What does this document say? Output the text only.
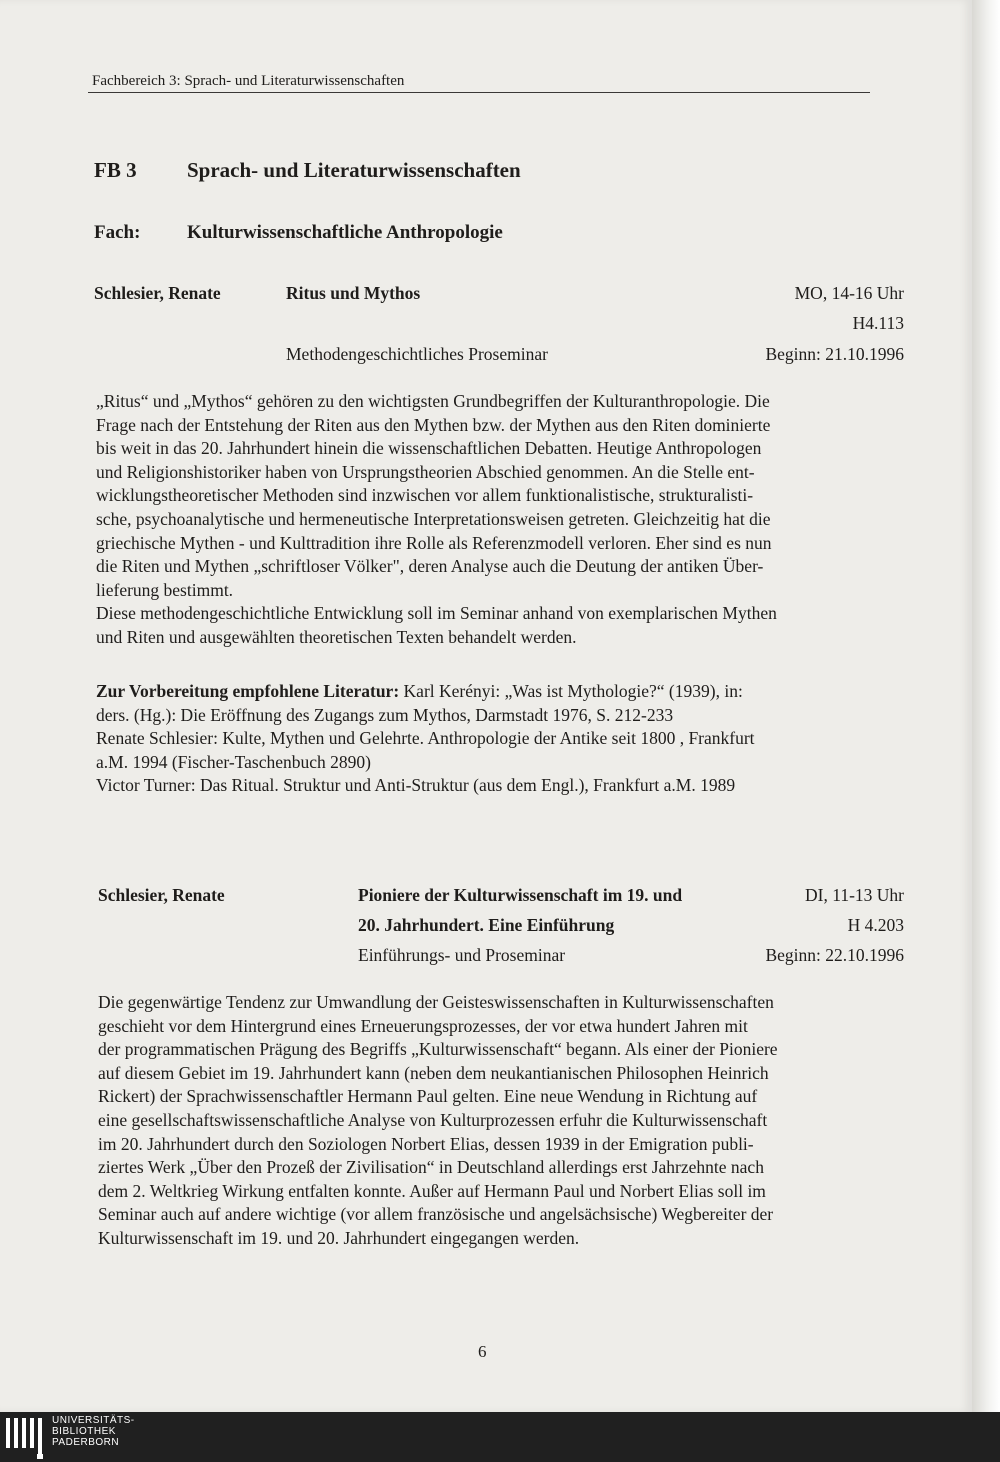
Fachbereich 3: Sprach- und Literaturwissenschaften
FB 3 Sprach- und Literaturwissenschaften
Fach: Kulturwissenschaftliche Anthropologie
Schlesier, Renate	Ritus und Mythos
Methodengeschichtliches Proseminar
MO, 14-16 Uhr
H4.113
Beginn: 21.10.1996
„Ritus“ und „Mythos“ gehören zu den wichtigsten Grundbegriffen der Kulturanthropologie. Die
Frage nach der Entstehung der Riten aus den Mythen bzw. der Mythen aus den Riten dominierte
bis weit in das 20. Jahrhundert hinein die wissenschaftlichen Debatten. Heutige Anthropologen
und Religionshistoriker haben von Ursprungstheorien Abschied genommen. An die Stelle ent-
wicklungstheoretischer Methoden sind inzwischen vor allem funktionalistische, strukturalisti-
sche, psychoanalytische und hermeneutische Interpretationsweisen getreten. Gleichzeitig hat die
griechische Mythen - und Kulttradition ihre Rolle als Referenzmodell verloren. Eher sind es nun
die Riten und Mythen „schriftloser Völker", deren Analyse auch die Deutung der antiken Über-
lieferung bestimmt.
Diese methodengeschichtliche Entwicklung soll im Seminar anhand von exemplarischen Mythen
und Riten und ausgewählten theoretischen Texten behandelt werden.
Zur Vorbereitung empfohlene Literatur: Karl Kerényi: „Was ist Mythologie?“ (1939), in:
ders. (Hg.): Die Eröffnung des Zugangs zum Mythos, Darmstadt 1976, S. 212-233
Renate Schlesier: Kulte, Mythen und Gelehrte. Anthropologie der Antike seit 1800 , Frankfurt
a.M. 1994 (Fischer-Taschenbuch 2890)
Victor Turner: Das Ritual. Struktur und Anti-Struktur (aus dem Engl.), Frankfurt a.M. 1989
Schlesier, Renate	Pioniere der Kulturwissenschaft im 19. und
20. Jahrhundert. Eine Einführung
Einführungs- und Proseminar
DI, 11-13 Uhr
H 4.203
Beginn: 22.10.1996
Die gegenwärtige Tendenz zur Umwandlung der Geisteswissenschaften in Kulturwissenschaften
geschieht vor dem Hintergrund eines Erneuerungsprozesses, der vor etwa hundert Jahren mit
der programmatischen Prägung des Begriffs „Kulturwissenschaft“ begann. Als einer der Pioniere
auf diesem Gebiet im 19. Jahrhundert kann (neben dem neukantianischen Philosophen Heinrich
Rickert) der Sprachwissenschaftler Hermann Paul gelten. Eine neue Wendung in Richtung auf
eine gesellschaftswissenschaftliche Analyse von Kulturprozessen erfuhr die Kulturwissenschaft
im 20. Jahrhundert durch den Soziologen Norbert Elias, dessen 1939 in der Emigration publi-
ziertes Werk „Über den Prozeß der Zivilisation“ in Deutschland allerdings erst Jahrzehnte nach
dem 2. Weltkrieg Wirkung entfalten konnte. Außer auf Hermann Paul und Norbert Elias soll im
Seminar auch auf andere wichtige (vor allem französische und angelsächsische) Wegbereiter der
Kulturwissenschaft im 19. und 20. Jahrhundert eingegangen werden.
6
UNIVERSITÄTS-
BIBLIOTHEK
PADERBORN
